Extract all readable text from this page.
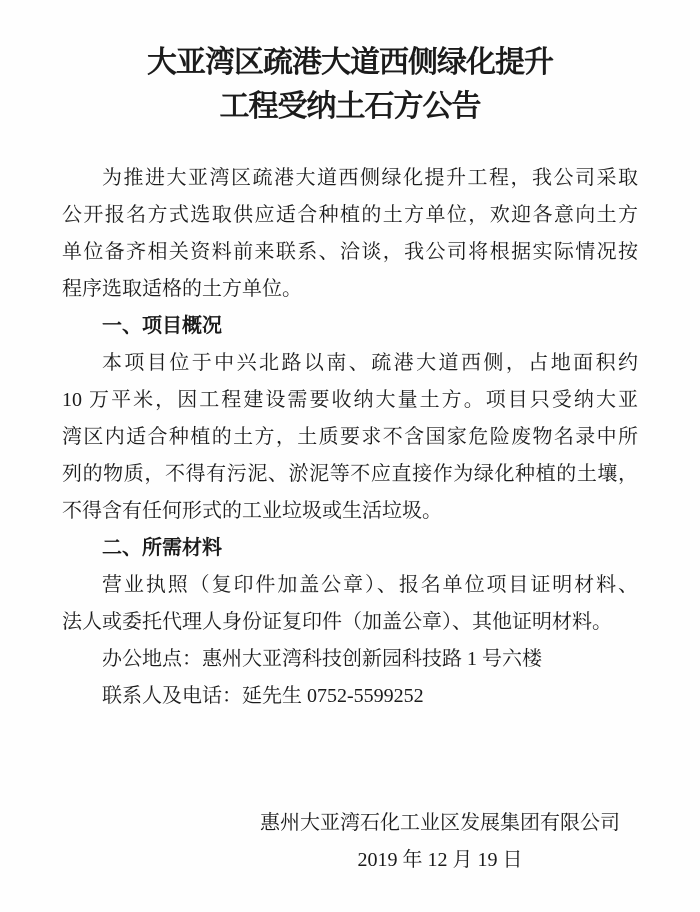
大亚湾区疏港大道西侧绿化提升
工程受纳土石方公告
为推进大亚湾区疏港大道西侧绿化提升工程，我公司采取
公开报名方式选取供应适合种植的土方单位，欢迎各意向土方
单位备齐相关资料前来联系、洽谈，我公司将根据实际情况按
程序选取适格的土方单位。
一、项目概况
本项目位于中兴北路以南、疏港大道西侧，占地面积约
10 万平米，因工程建设需要收纳大量土方。项目只受纳大亚
湾区内适合种植的土方，土质要求不含国家危险废物名录中所
列的物质，不得有污泥、淤泥等不应直接作为绿化种植的土壤，
不得含有任何形式的工业垃圾或生活垃圾。
二、所需材料
营业执照（复印件加盖公章）、报名单位项目证明材料、
法人或委托代理人身份证复印件（加盖公章）、其他证明材料。
办公地点：惠州大亚湾科技创新园科技路 1 号六楼
联系人及电话：延先生 0752-5599252
惠州大亚湾石化工业区发展集团有限公司
2019 年 12 月 19 日
